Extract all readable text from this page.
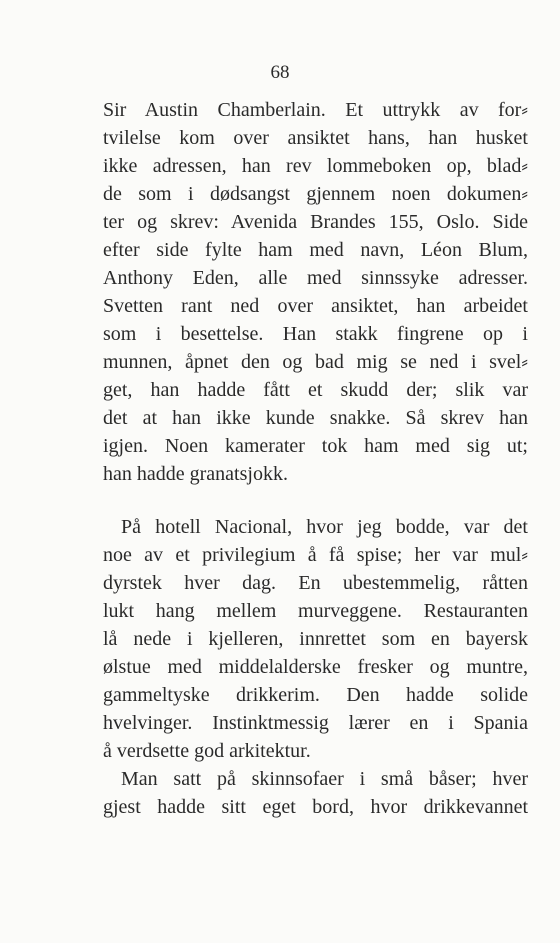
68
Sir Austin Chamberlain. Et uttrykk av for⸗
tvilelse kom over ansiktet hans, han husket
ikke adressen, han rev lommeboken op, blad⸗
de som i dødsangst gjennem noen dokumen⸗
ter og skrev: Avenida Brandes 155, Oslo. Side
efter side fylte ham med navn, Léon Blum,
Anthony Eden, alle med sinnssyke adresser.
Svetten rant ned over ansiktet, han arbeidet
som i besettelse. Han stakk fingrene op i
munnen, åpnet den og bad mig se ned i svel⸗
get, han hadde fått et skudd der; slik var
det at han ikke kunde snakke. Så skrev han
igjen. Noen kamerater tok ham med sig ut;
han hadde granatsjokk.
På hotell Nacional, hvor jeg bodde, var det
noe av et privilegium å få spise; her var mul⸗
dyrstek hver dag. En ubestemmelig, råtten
lukt hang mellem murveggene. Restauranten
lå nede i kjelleren, innrettet som en bayersk
ølstue med middelalderske fresker og muntre,
gammeltyske drikkerim. Den hadde solide
hvelvinger. Instinktmessig lærer en i Spania
å verdsette god arkitektur.
Man satt på skinnsofaer i små båser; hver
gjest hadde sitt eget bord, hvor drikkevannet
